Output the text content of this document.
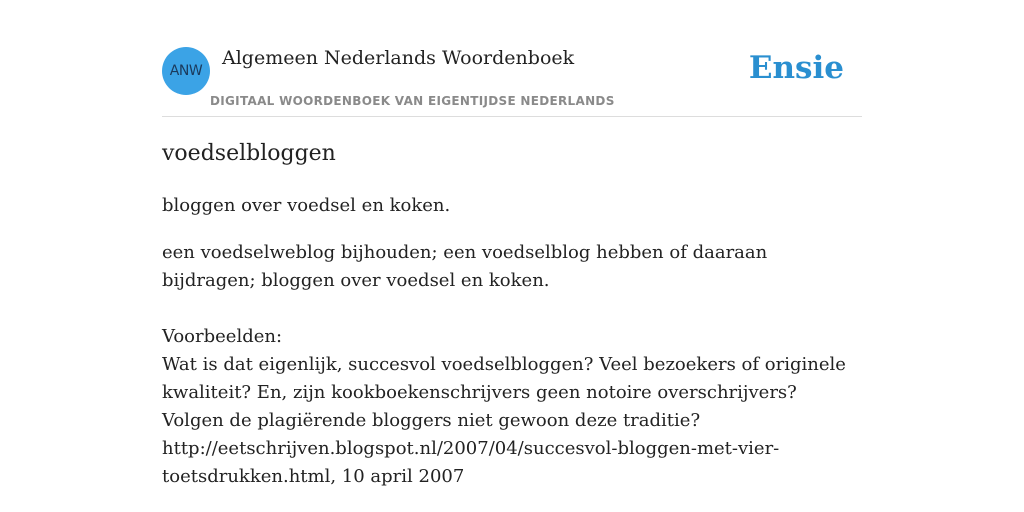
ANW
Algemeen Nederlands Woordenboek
DIGITAAL WOORDENBOEK VAN EIGENTIJDSE NEDERLANDS
Ensie
voedselbloggen
bloggen over voedsel en koken.
een voedselweblog bijhouden; een voedselblog hebben of daaraan bijdragen; bloggen over voedsel en koken.
Voorbeelden:
Wat is dat eigenlijk, succesvol voedselbloggen? Veel bezoekers of originele kwaliteit? En, zijn kookboekenschrijvers geen notoire overschrijvers? Volgen de plagiërende bloggers niet gewoon deze traditie?
http://eetschrijven.blogspot.nl/2007/04/succesvol-bloggen-met-vier-toetsdrukken.html, 10 april 2007
